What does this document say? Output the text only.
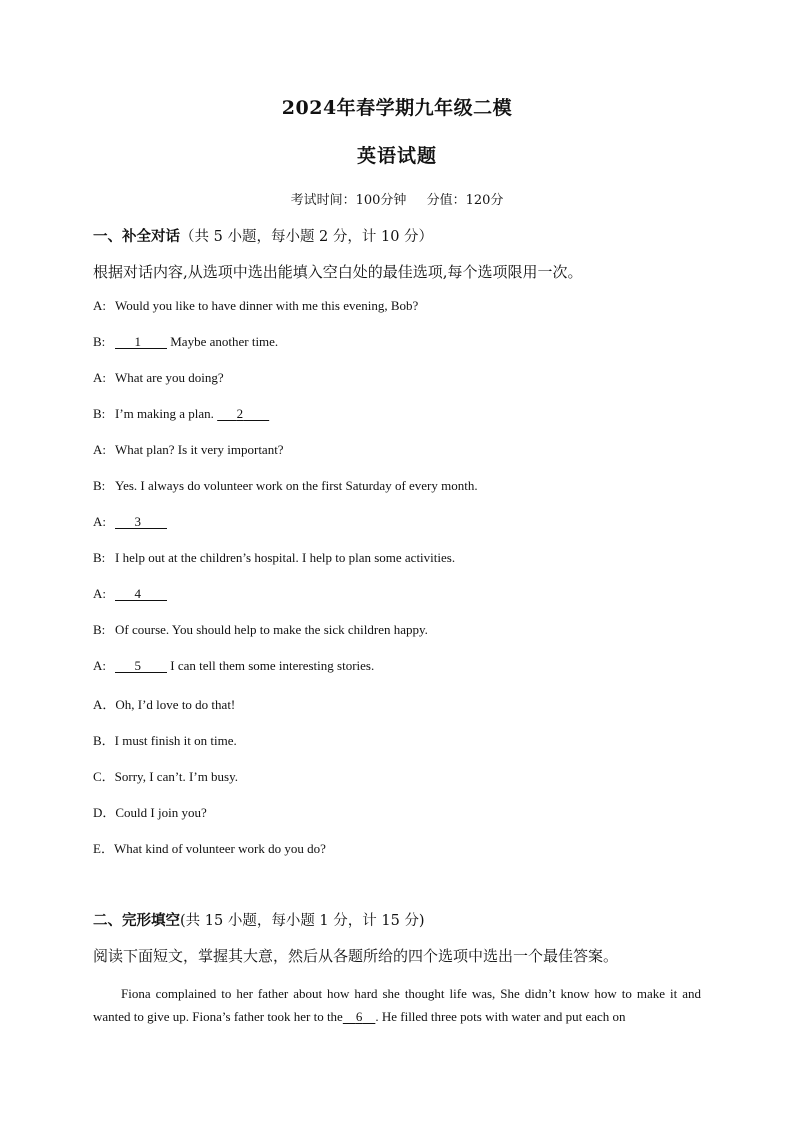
2024年春学期九年级二模
英语试题
考试时间：100分钟 分值：120分
一、补全对话（共 5 小题，每小题 2 分，计 10 分）
根据对话内容,从选项中选出能填入空白处的最佳选项,每个选项限用一次。
A: Would you like to have dinner with me this evening, Bob?
B:   1   Maybe another time.
A: What are you doing?
B: I’m making a plan.    2  
A: What plan? Is it very important?
B: Yes. I always do volunteer work on the first Saturday of every month.
A:   3  
B: I help out at the children’s hospital. I help to plan some activities.
A:   4  
B: Of course. You should help to make the sick children happy.
A:   5   I can tell them some interesting stories.
A．Oh, I’d love to do that!
B．I must finish it on time.
C．Sorry, I can’t. I’m busy.
D．Could I join you?
E．What kind of volunteer work do you do?
二、完形填空(共 15 小题，每小题 1 分，计 15 分)
阅读下面短文，掌握其大意，然后从各题所给的四个选项中选出一个最佳答案。
Fiona complained to her father about how hard she thought life was, She didn’t know how to make it and wanted to give up. Fiona’s father took her to the  6  . He filled three pots with water and put each on
